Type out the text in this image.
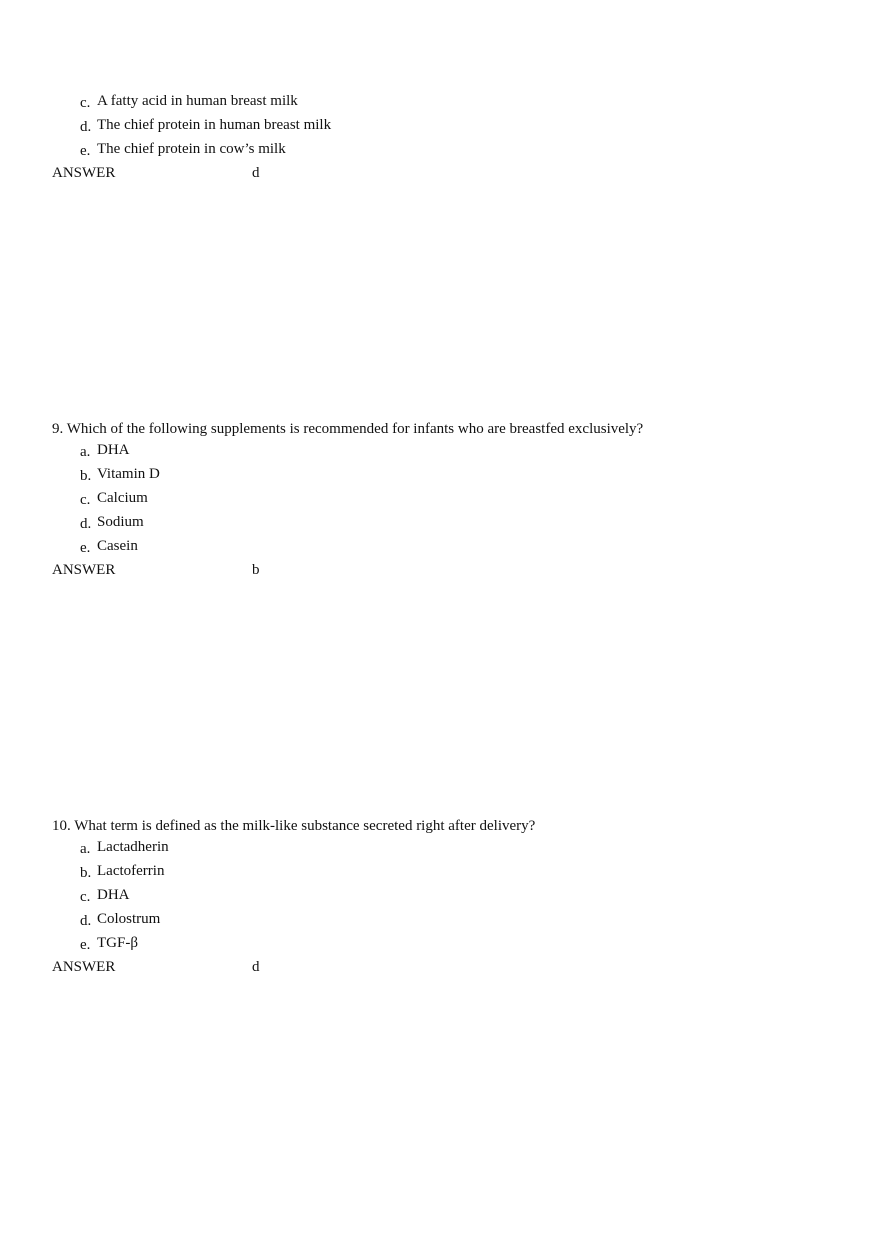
c. A fatty acid in human breast milk
d. The chief protein in human breast milk
e. The chief protein in cow’s milk
ANSWER	d

9. Which of the following supplements is recommended for infants who are breastfed exclusively?

a. DHA
b. Vitamin D
c. Calcium
d. Sodium
e. Casein
ANSWER	b

10. What term is defined as the milk-like substance secreted right after delivery?

a. Lactadherin
b. Lactoferrin
c. DHA
d. Colostrum
e. TGF-β
ANSWER	d
